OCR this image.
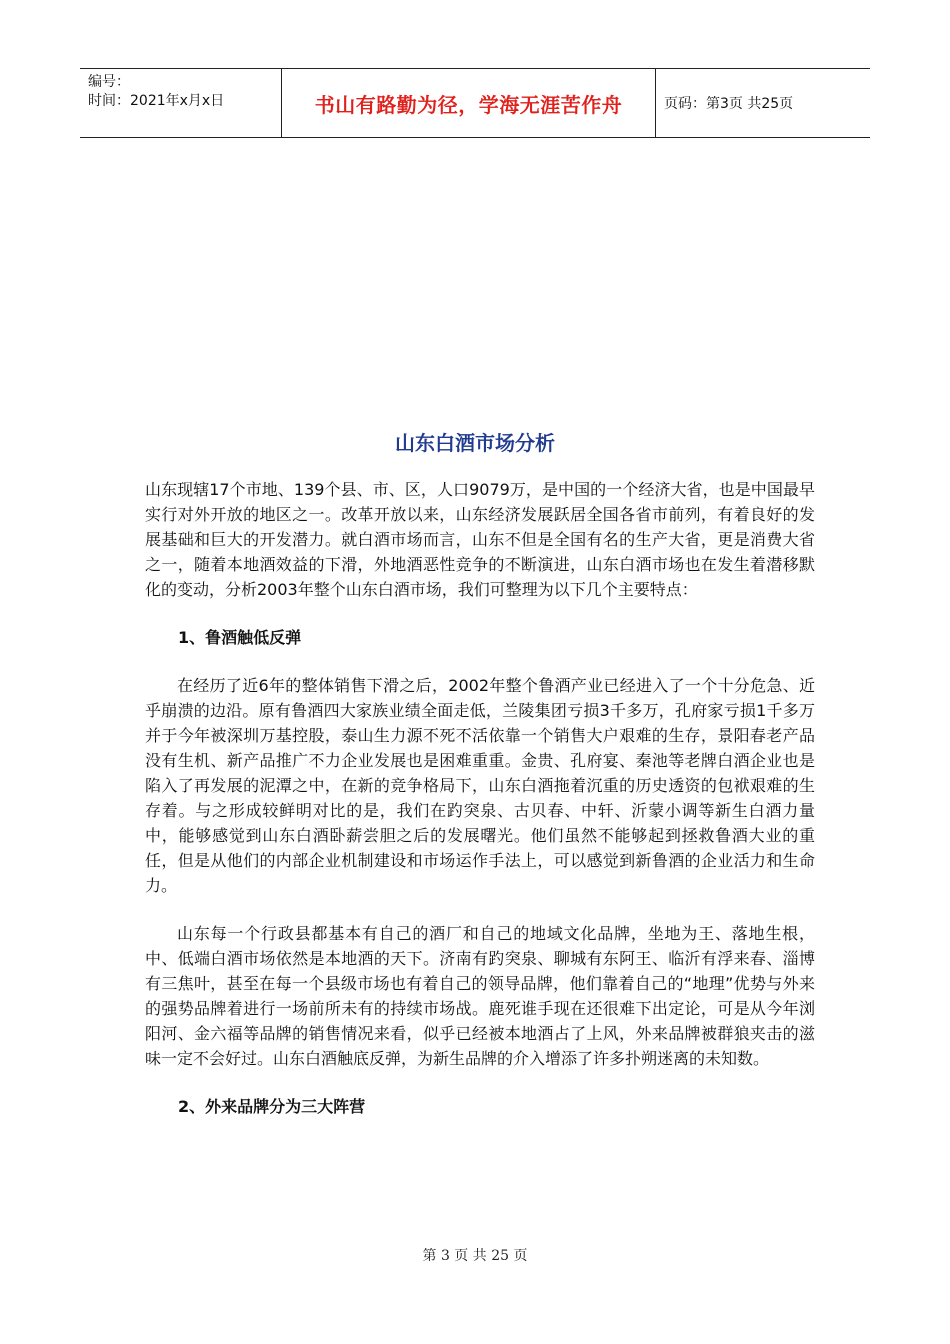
编号：
时间：2021年x月x日	书山有路勤为径，学海无涯苦作舟	页码：第3页 共25页
山东白酒市场分析

山东现辖17个市地、139个县、市、区，人口9079万，是中国的一个经济大省，也是中国最早实行对外开放的地区之一。改革开放以来，山东经济发展跃居全国各省市前列，有着良好的发展基础和巨大的开发潜力。就白酒市场而言，山东不但是全国有名的生产大省，更是消费大省之一，随着本地酒效益的下滑，外地酒恶性竞争的不断演进，山东白酒市场也在发生着潜移默化的变动，分析2003年整个山东白酒市场，我们可整理为以下几个主要特点：

1、鲁酒触低反弹

在经历了近6年的整体销售下滑之后，2002年整个鲁酒产业已经进入了一个十分危急、近乎崩溃的边沿。原有鲁酒四大家族业绩全面走低，兰陵集团亏损3千多万，孔府家亏损1千多万并于今年被深圳万基控股，泰山生力源不死不活依靠一个销售大户艰难的生存，景阳春老产品没有生机、新产品推广不力企业发展也是困难重重。金贵、孔府宴、秦池等老牌白酒企业也是陷入了再发展的泥潭之中，在新的竞争格局下，山东白酒拖着沉重的历史透资的包袱艰难的生存着。与之形成较鲜明对比的是，我们在趵突泉、古贝春、中轩、沂蒙小调等新生白酒力量中，能够感觉到山东白酒卧薪尝胆之后的发展曙光。他们虽然不能够起到拯救鲁酒大业的重任，但是从他们的内部企业机制建设和市场运作手法上，可以感觉到新鲁酒的企业活力和生命力。

山东每一个行政县都基本有自己的酒厂和自己的地域文化品牌，坐地为王、落地生根，中、低端白酒市场依然是本地酒的天下。济南有趵突泉、聊城有东阿王、临沂有浮来春、淄博有三焦叶，甚至在每一个县级市场也有着自己的领导品牌，他们靠着自己的“地理”优势与外来的强势品牌着进行一场前所未有的持续市场战。鹿死谁手现在还很难下出定论，可是从今年浏阳河、金六福等品牌的销售情况来看，似乎已经被本地酒占了上风，外来品牌被群狼夹击的滋味一定不会好过。山东白酒触底反弹，为新生品牌的介入增添了许多扑朔迷离的未知数。

2、外来品牌分为三大阵营

第 3 页 共 25 页
